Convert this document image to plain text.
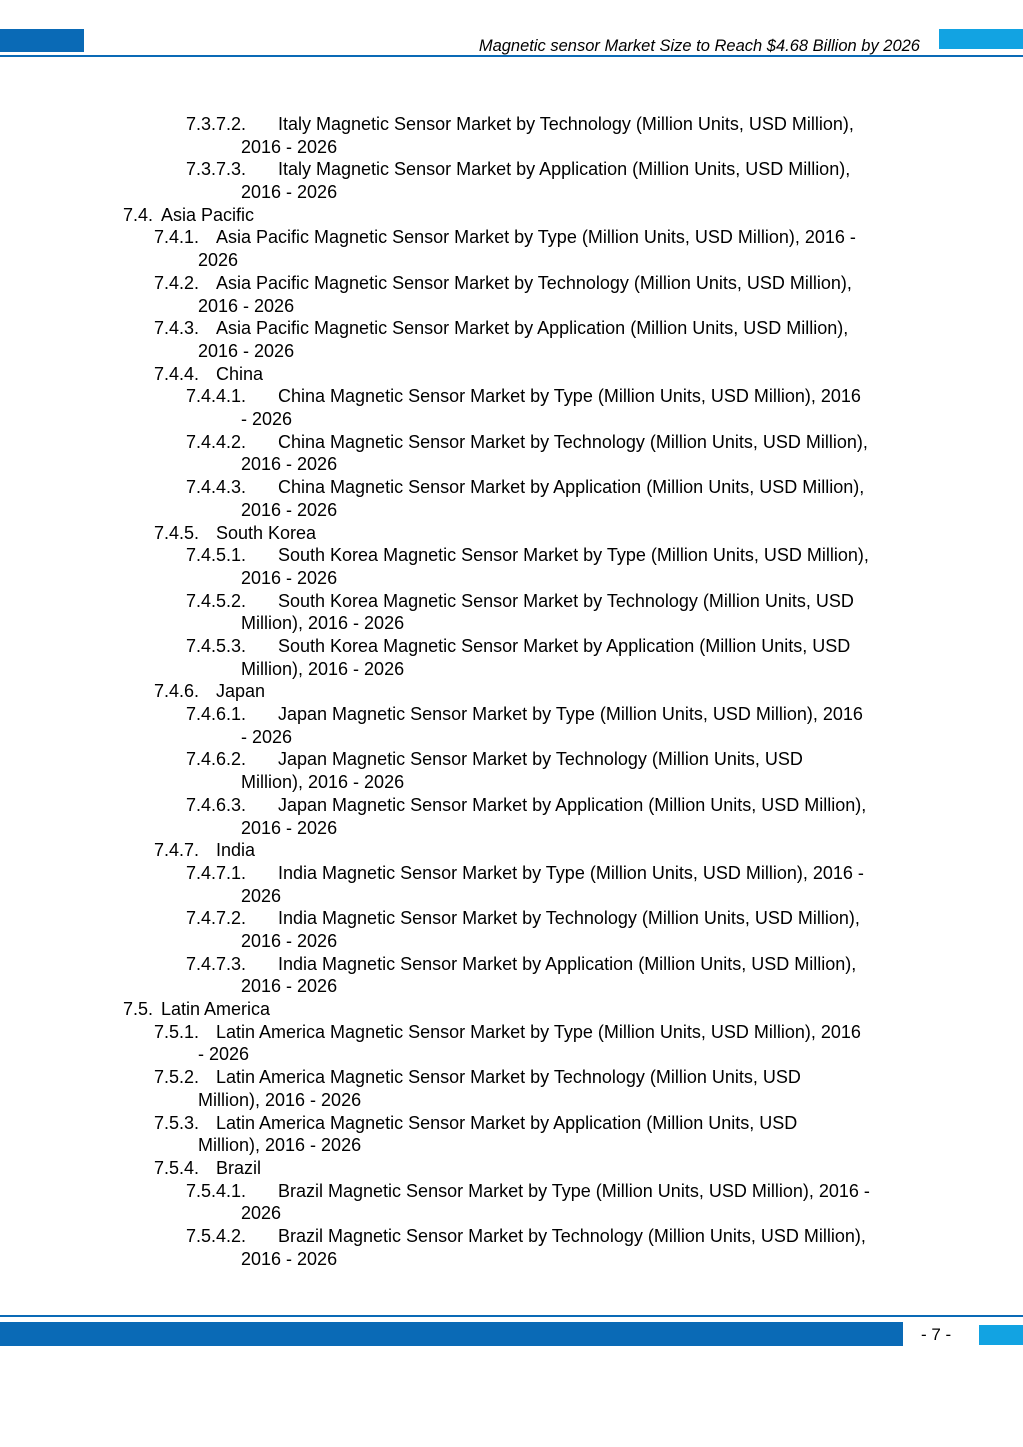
Magnetic sensor Market Size to Reach $4.68 Billion by 2026
7.3.7.2. Italy Magnetic Sensor Market by Technology (Million Units, USD Million),
2016 - 2026
7.3.7.3. Italy Magnetic Sensor Market by Application (Million Units, USD Million),
2016 - 2026
7.4. Asia Pacific
7.4.1. Asia Pacific Magnetic Sensor Market by Type (Million Units, USD Million), 2016 -
2026
7.4.2. Asia Pacific Magnetic Sensor Market by Technology (Million Units, USD Million),
2016 - 2026
7.4.3. Asia Pacific Magnetic Sensor Market by Application (Million Units, USD Million),
2016 - 2026
7.4.4. China
7.4.4.1. China Magnetic Sensor Market by Type (Million Units, USD Million), 2016
- 2026
7.4.4.2. China Magnetic Sensor Market by Technology (Million Units, USD Million),
2016 - 2026
7.4.4.3. China Magnetic Sensor Market by Application (Million Units, USD Million),
2016 - 2026
7.4.5. South Korea
7.4.5.1. South Korea Magnetic Sensor Market by Type (Million Units, USD Million),
2016 - 2026
7.4.5.2. South Korea Magnetic Sensor Market by Technology (Million Units, USD
Million), 2016 - 2026
7.4.5.3. South Korea Magnetic Sensor Market by Application (Million Units, USD
Million), 2016 - 2026
7.4.6. Japan
7.4.6.1. Japan Magnetic Sensor Market by Type (Million Units, USD Million), 2016
- 2026
7.4.6.2. Japan Magnetic Sensor Market by Technology (Million Units, USD
Million), 2016 - 2026
7.4.6.3. Japan Magnetic Sensor Market by Application (Million Units, USD Million),
2016 - 2026
7.4.7. India
7.4.7.1. India Magnetic Sensor Market by Type (Million Units, USD Million), 2016 -
2026
7.4.7.2. India Magnetic Sensor Market by Technology (Million Units, USD Million),
2016 - 2026
7.4.7.3. India Magnetic Sensor Market by Application (Million Units, USD Million),
2016 - 2026
7.5. Latin America
7.5.1. Latin America Magnetic Sensor Market by Type (Million Units, USD Million), 2016
- 2026
7.5.2. Latin America Magnetic Sensor Market by Technology (Million Units, USD
Million), 2016 - 2026
7.5.3. Latin America Magnetic Sensor Market by Application (Million Units, USD
Million), 2016 - 2026
7.5.4. Brazil
7.5.4.1. Brazil Magnetic Sensor Market by Type (Million Units, USD Million), 2016 -
2026
7.5.4.2. Brazil Magnetic Sensor Market by Technology (Million Units, USD Million),
2016 - 2026
- 7 -
